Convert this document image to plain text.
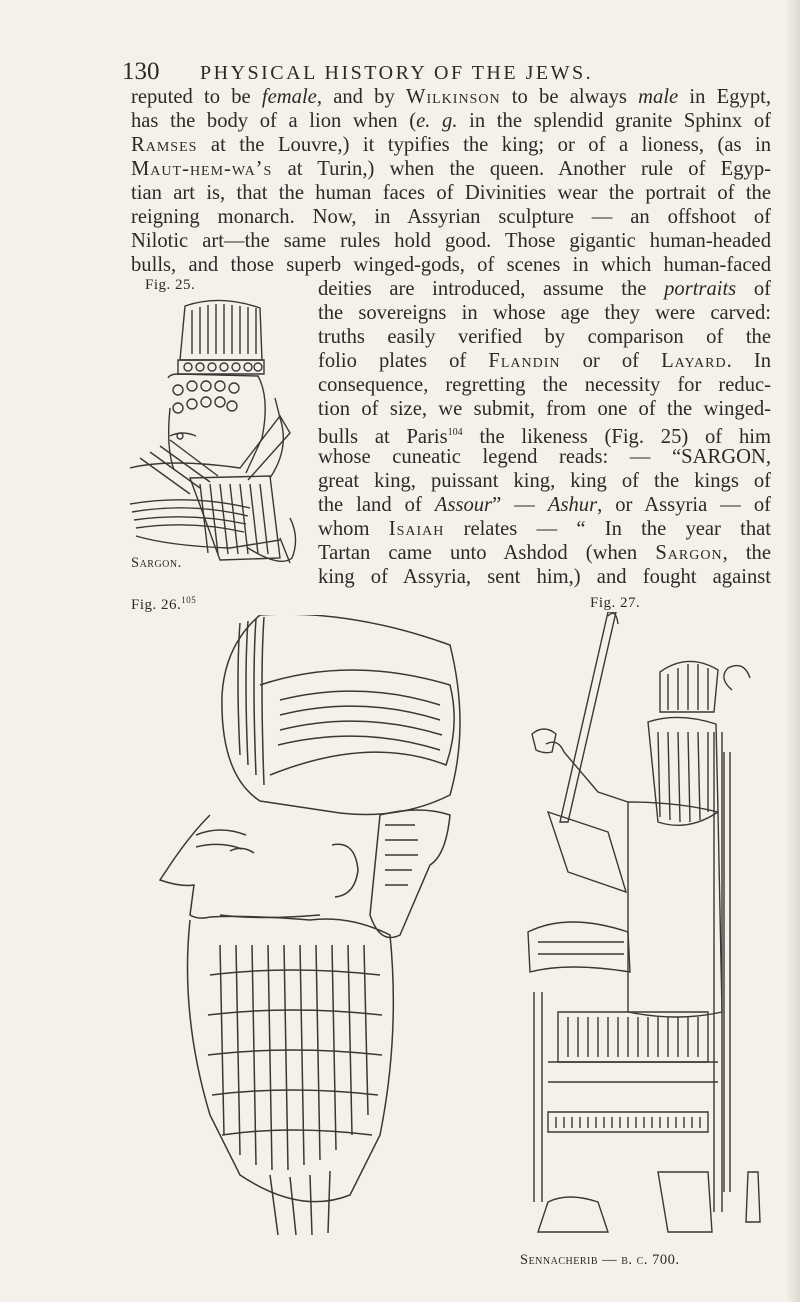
130 PHYSICAL HISTORY OF THE JEWS.
reputed to be female, and by Wilkinson to be always male in Egypt,
has the body of a lion when (e. g. in the splendid granite Sphinx of
Ramses at the Louvre,) it typifies the king; or of a lioness, (as in
Maut-hem-wa’s at Turin,) when the queen. Another rule of Egyp-
tian art is, that the human faces of Divinities wear the portrait of the
reigning monarch. Now, in Assyrian sculpture — an offshoot of
Nilotic art—the same rules hold good. Those gigantic human-headed
bulls, and those superb winged-gods, of scenes in which human-faced
deities are introduced, assume the portraits of
the sovereigns in whose age they were carved:
truths easily verified by comparison of the
folio plates of Flandin or of Layard. In
consequence, regretting the necessity for reduc-
tion of size, we submit, from one of the winged-
bulls at Paris$^{104}$ the likeness (Fig. 25) of him
whose cuneatic legend reads: — “SARGON,
great king, puissant king, king of the kings of
the land of Assour” — Ashur, or Assyria — of
whom Isaiah relates — “ In the year that
Tartan came unto Ashdod (when Sargon, the
king of Assyria, sent him,) and fought against
Fig. 25.
Sargon.
Fig. 26.$^{105}$	Fig. 27.
Sennacherib — b. c. 700.
